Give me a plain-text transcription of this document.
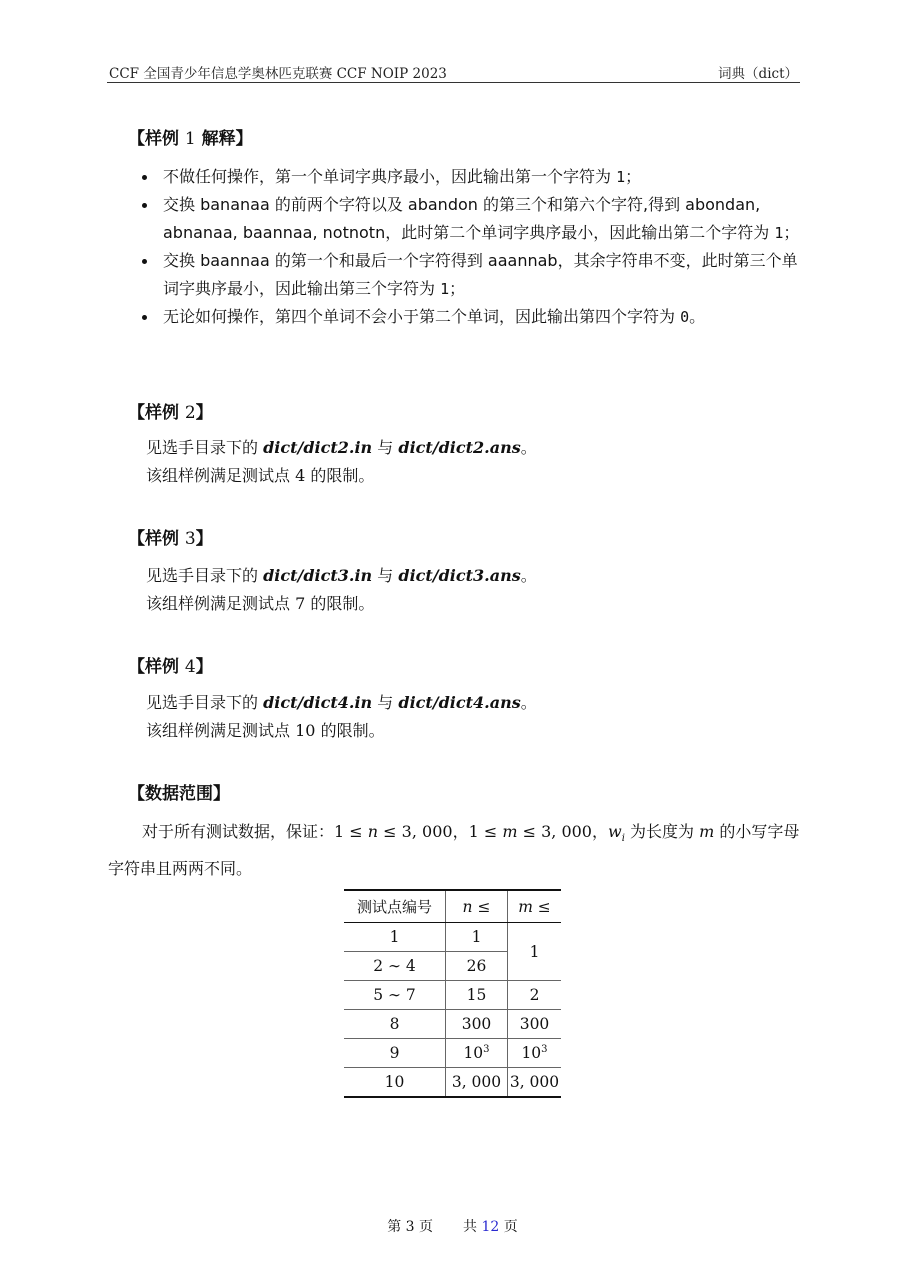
CCF 全国青少年信息学奥林匹克联赛 CCF NOIP 2023	词典（dict）
【样例 1 解释】
不做任何操作，第一个单词字典序最小，因此输出第一个字符为 1；
交换 bananaa 的前两个字符以及 abandon 的第三个和第六个字符,得到 abondan, abnanaa, baannaa, notnotn，此时第二个单词字典序最小，因此输出第二个字符为 1；
交换 baannaa 的第一个和最后一个字符得到 aaannab，其余字符串不变，此时第三个单词字典序最小，因此输出第三个字符为 1；
无论如何操作，第四个单词不会小于第二个单词，因此输出第四个字符为 0。
【样例 2】
见选手目录下的 dict/dict2.in 与 dict/dict2.ans。
该组样例满足测试点 4 的限制。
【样例 3】
见选手目录下的 dict/dict3.in 与 dict/dict3.ans。
该组样例满足测试点 7 的限制。
【样例 4】
见选手目录下的 dict/dict4.in 与 dict/dict4.ans。
该组样例满足测试点 10 的限制。
【数据范围】
对于所有测试数据，保证：1 ≤ n ≤ 3, 000，1 ≤ m ≤ 3, 000，$w_i$ 为长度为 m 的小写字母字符串且两两不同。
测试点编号	n ≤	m ≤
1	1	1
2 ∼ 4	26	
5 ∼ 7	15	2
8	300	300
9	$10^3$	$10^3$
10	3, 000	3, 000
第 3 页 共 12 页
